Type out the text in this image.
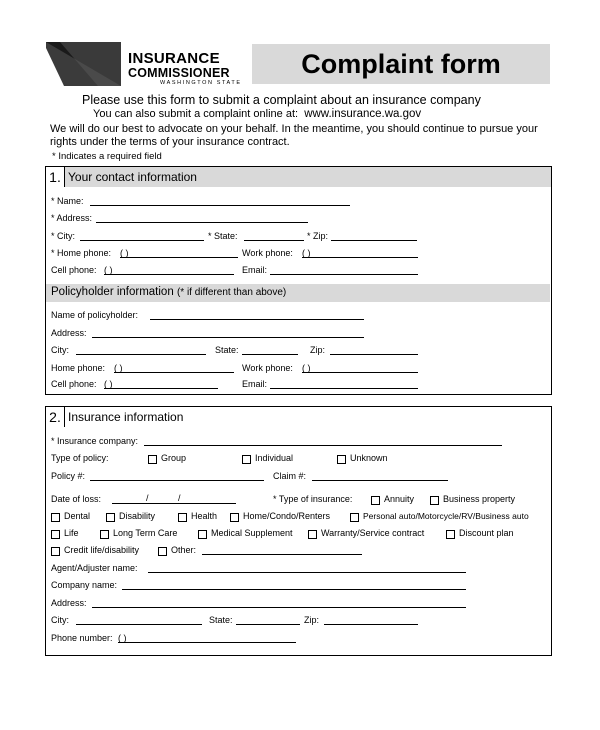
INSURANCE
COMMISSIONER
WASHINGTON STATE
Complaint form
Please use this form to submit a complaint about an insurance company
You can also submit a complaint online at: www.insurance.wa.gov
We will do our best to advocate on your behalf. In the meantime, you should continue to pursue your rights under the terms of your insurance contract.
* Indicates a required field
1. Your contact information
* Name:
* Address:
* City:	* State:	* Zip:
* Home phone: ( )	Work phone: ( )
Cell phone: ( )	Email:
Name of policyholder:
Address:
City:	State:	Zip:
Home phone: ( )	Work phone: ( )
Cell phone: ( )	Email:
Policyholder information (* if different than above)
2. Insurance information
* Insurance company:
Type of policy:	Group	Individual	Unknown
Policy #:	Claim #:
Date of loss:	/	/	* Type of insurance:	Annuity	Business property
Dental	Disability	Health	Home/Condo/Renters	Personal auto/Motorcycle/RV/Business auto
Life	Long Term Care	Medical Supplement	Warranty/Service contract	Discount plan
Credit life/disability	Other:
Agent/Adjuster name:
Company name:
Address:
City:	State:	Zip:
Phone number: ( )
